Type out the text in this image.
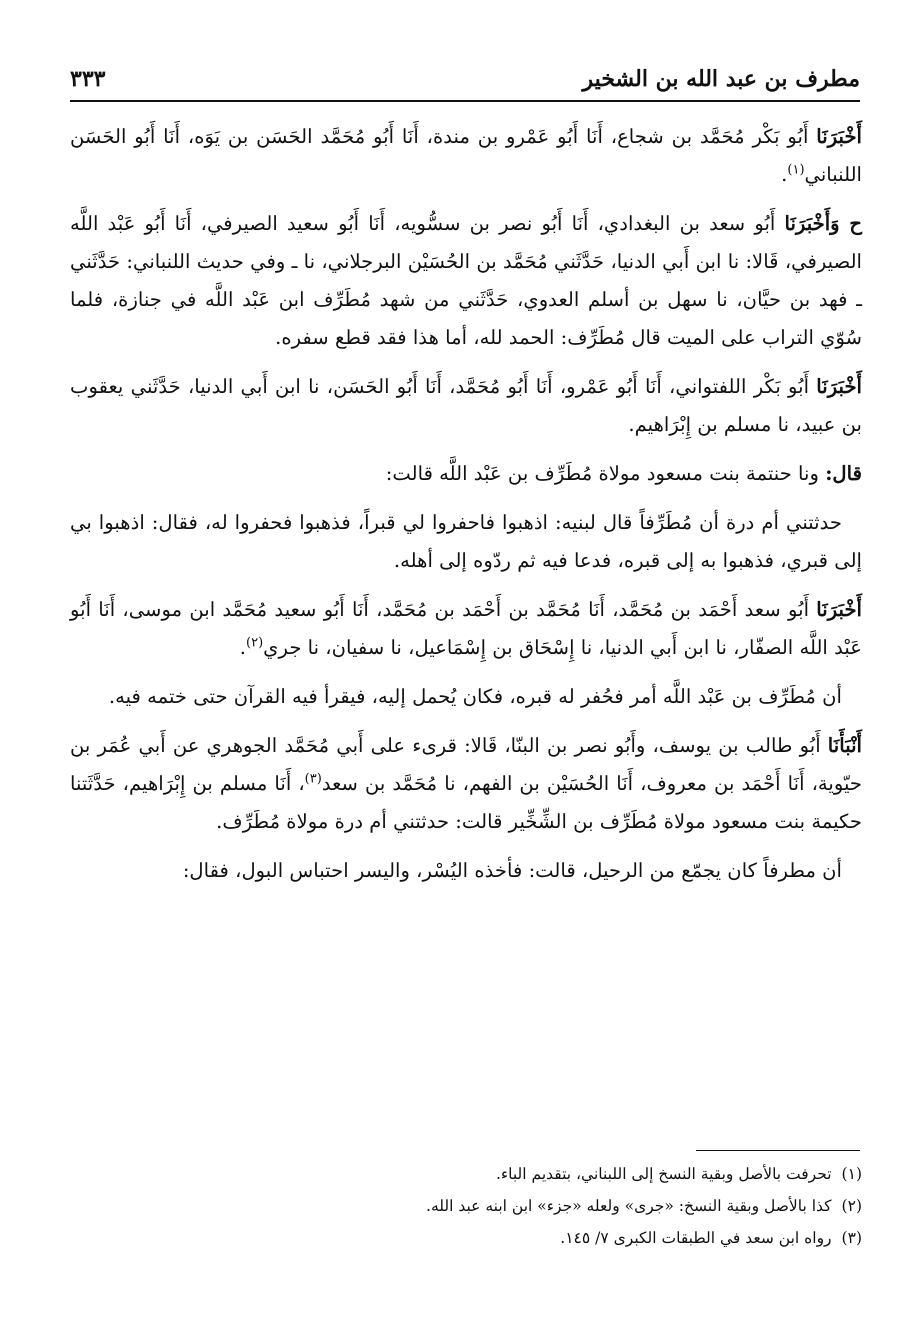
مطرف بن عبد الله بن الشخير
٣٣٣

أَخْبَرَنَا أَبُو بَكْر مُحَمَّد بن شجاع، أَنَا أَبُو عَمْرو بن مندة، أَنَا أَبُو مُحَمَّد الحَسَن بن يَوَه، أَنَا أَبُو الحَسَن اللنباني$^{(١)}$.

ح وَأَخْبَرَنَا أَبُو سعد بن البغدادي، أَنَا أَبُو نصر بن سسُّويه، أَنَا أَبُو سعيد الصيرفي، أَنَا أَبُو عَبْد اللَّه الصيرفي، قَالا: نا ابن أَبي الدنيا، حَدَّثَني مُحَمَّد بن الحُسَيْن البرجلاني، نا ـ وفي حديث اللنباني: حَدَّثَني ـ فهد بن حيَّان، نا سهل بن أسلم العدوي، حَدَّثَني من شهد مُطَرِّف ابن عَبْد اللَّه في جنازة، فلما سُوّي التراب على الميت قال مُطَرِّف: الحمد لله، أما هذا فقد قطع سفره.

أَخْبَرَنَا أَبُو بَكْر اللفتواني، أَنَا أَبُو عَمْرو، أَنَا أَبُو مُحَمَّد، أَنَا أَبُو الحَسَن، نا ابن أَبي الدنيا، حَدَّثَني يعقوب بن عبيد، نا مسلم بن إِبْرَاهيم.

قال: ونا حنتمة بنت مسعود مولاة مُطَرِّف بن عَبْد اللَّه قالت:

حدثتني أم درة أن مُطَرِّفاً قال لبنيه: اذهبوا فاحفروا لي قبراً، فذهبوا فحفروا له، فقال: اذهبوا بي إلى قبري، فذهبوا به إلى قبره، فدعا فيه ثم ردّوه إلى أهله.

أَخْبَرَنَا أَبُو سعد أَحْمَد بن مُحَمَّد، أَنَا مُحَمَّد بن أَحْمَد بن مُحَمَّد، أَنَا أَبُو سعيد مُحَمَّد ابن موسى، أَنَا أَبُو عَبْد اللَّه الصفّار، نا ابن أَبي الدنيا، نا إِسْحَاق بن إِسْمَاعيل، نا سفيان، نا جري$^{(٢)}$.

أن مُطَرِّف بن عَبْد اللَّه أمر فحُفر له قبره، فكان يُحمل إليه، فيقرأ فيه القرآن حتى ختمه فيه.

أَنْبَأَنَا أَبُو طالب بن يوسف، وأَبُو نصر بن البنّا، قَالا: قرىء على أَبي مُحَمَّد الجوهري عن أَبي عُمَر بن حيّوية، أَنَا أَحْمَد بن معروف، أَنَا الحُسَيْن بن الفهم، نا مُحَمَّد بن سعد$^{(٣)}$، أَنَا مسلم بن إِبْرَاهيم، حَدَّثَتنا حكيمة بنت مسعود مولاة مُطَرِّف بن الشِّخِّير قالت: حدثتني أم درة مولاة مُطَرِّف.

أن مطرفاً كان يجمّع من الرحيل، قالت: فأخذه اليُسْر، واليسر احتباس البول، فقال:

(١)
تحرفت بالأصل وبقية النسخ إلى اللبناني، بتقديم الباء.
(٢)
كذا بالأصل وبقية النسخ: «جرى» ولعله «جزء» ابن ابنه عبد الله.
(٣)
رواه ابن سعد في الطبقات الكبرى ٧/ ١٤٥.
